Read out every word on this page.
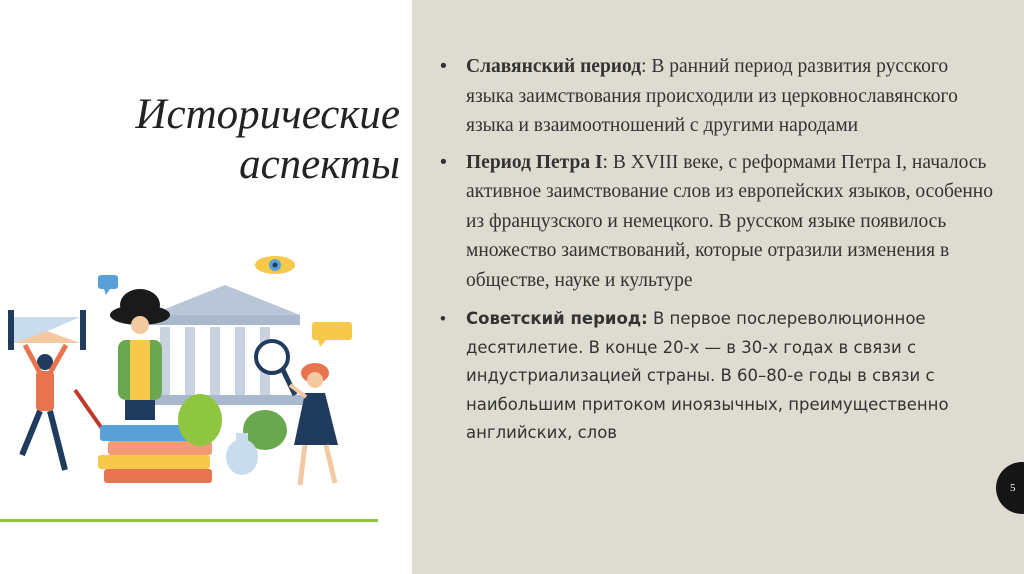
Исторические
аспекты
• Славянский период: В ранний период развития русского языка заимствования происходили из церковнославянского языка и взаимоотношений с другими народами
• Период Петра I: В XVIII веке, с реформами Петра I, началось активное заимствование слов из европейских языков, особенно из французского и немецкого. В русском языке появилось множество заимствований, которые отразили изменения в обществе, науке и культуре
• Советский период: В первое послереволюционное десятилетие. В конце 20-х — в 30-х годах в связи с индустриализацией страны. В 60–80-е годы в связи с наибольшим притоком иноязычных, преимущественно английских, слов
5
